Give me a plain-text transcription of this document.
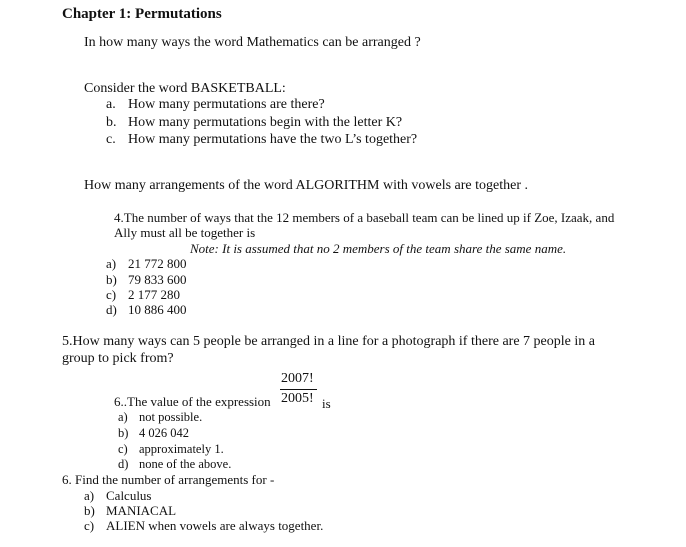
Chapter 1: Permutations
In how many ways the word Mathematics can be arranged ?
Consider the word BASKETBALL:
a. How many permutations are there?
b. How many permutations begin with the letter K?
c. How many permutations have the two L’s together?
How many arrangements of the word ALGORITHM with vowels are together .
4.The number of ways that the 12 members of a baseball team can be lined up if Zoe, Izaak, and
Ally must all be together is
Note: It is assumed that no 2 members of the team share the same name.
a) 21 772 800
b) 79 833 600
c) 2 177 280
d) 10 886 400
5.How many ways can 5 people be arranged in a line for a photograph if there are 7 people in a
group to pick from?
2007!
2005!
6..The value of the expression	is
a) not possible.
b) 4 026 042
c) approximately 1.
d) none of the above.
6. Find the number of arrangements for -
a) Calculus
b) MANIACAL
c) ALIEN when vowels are always together.
